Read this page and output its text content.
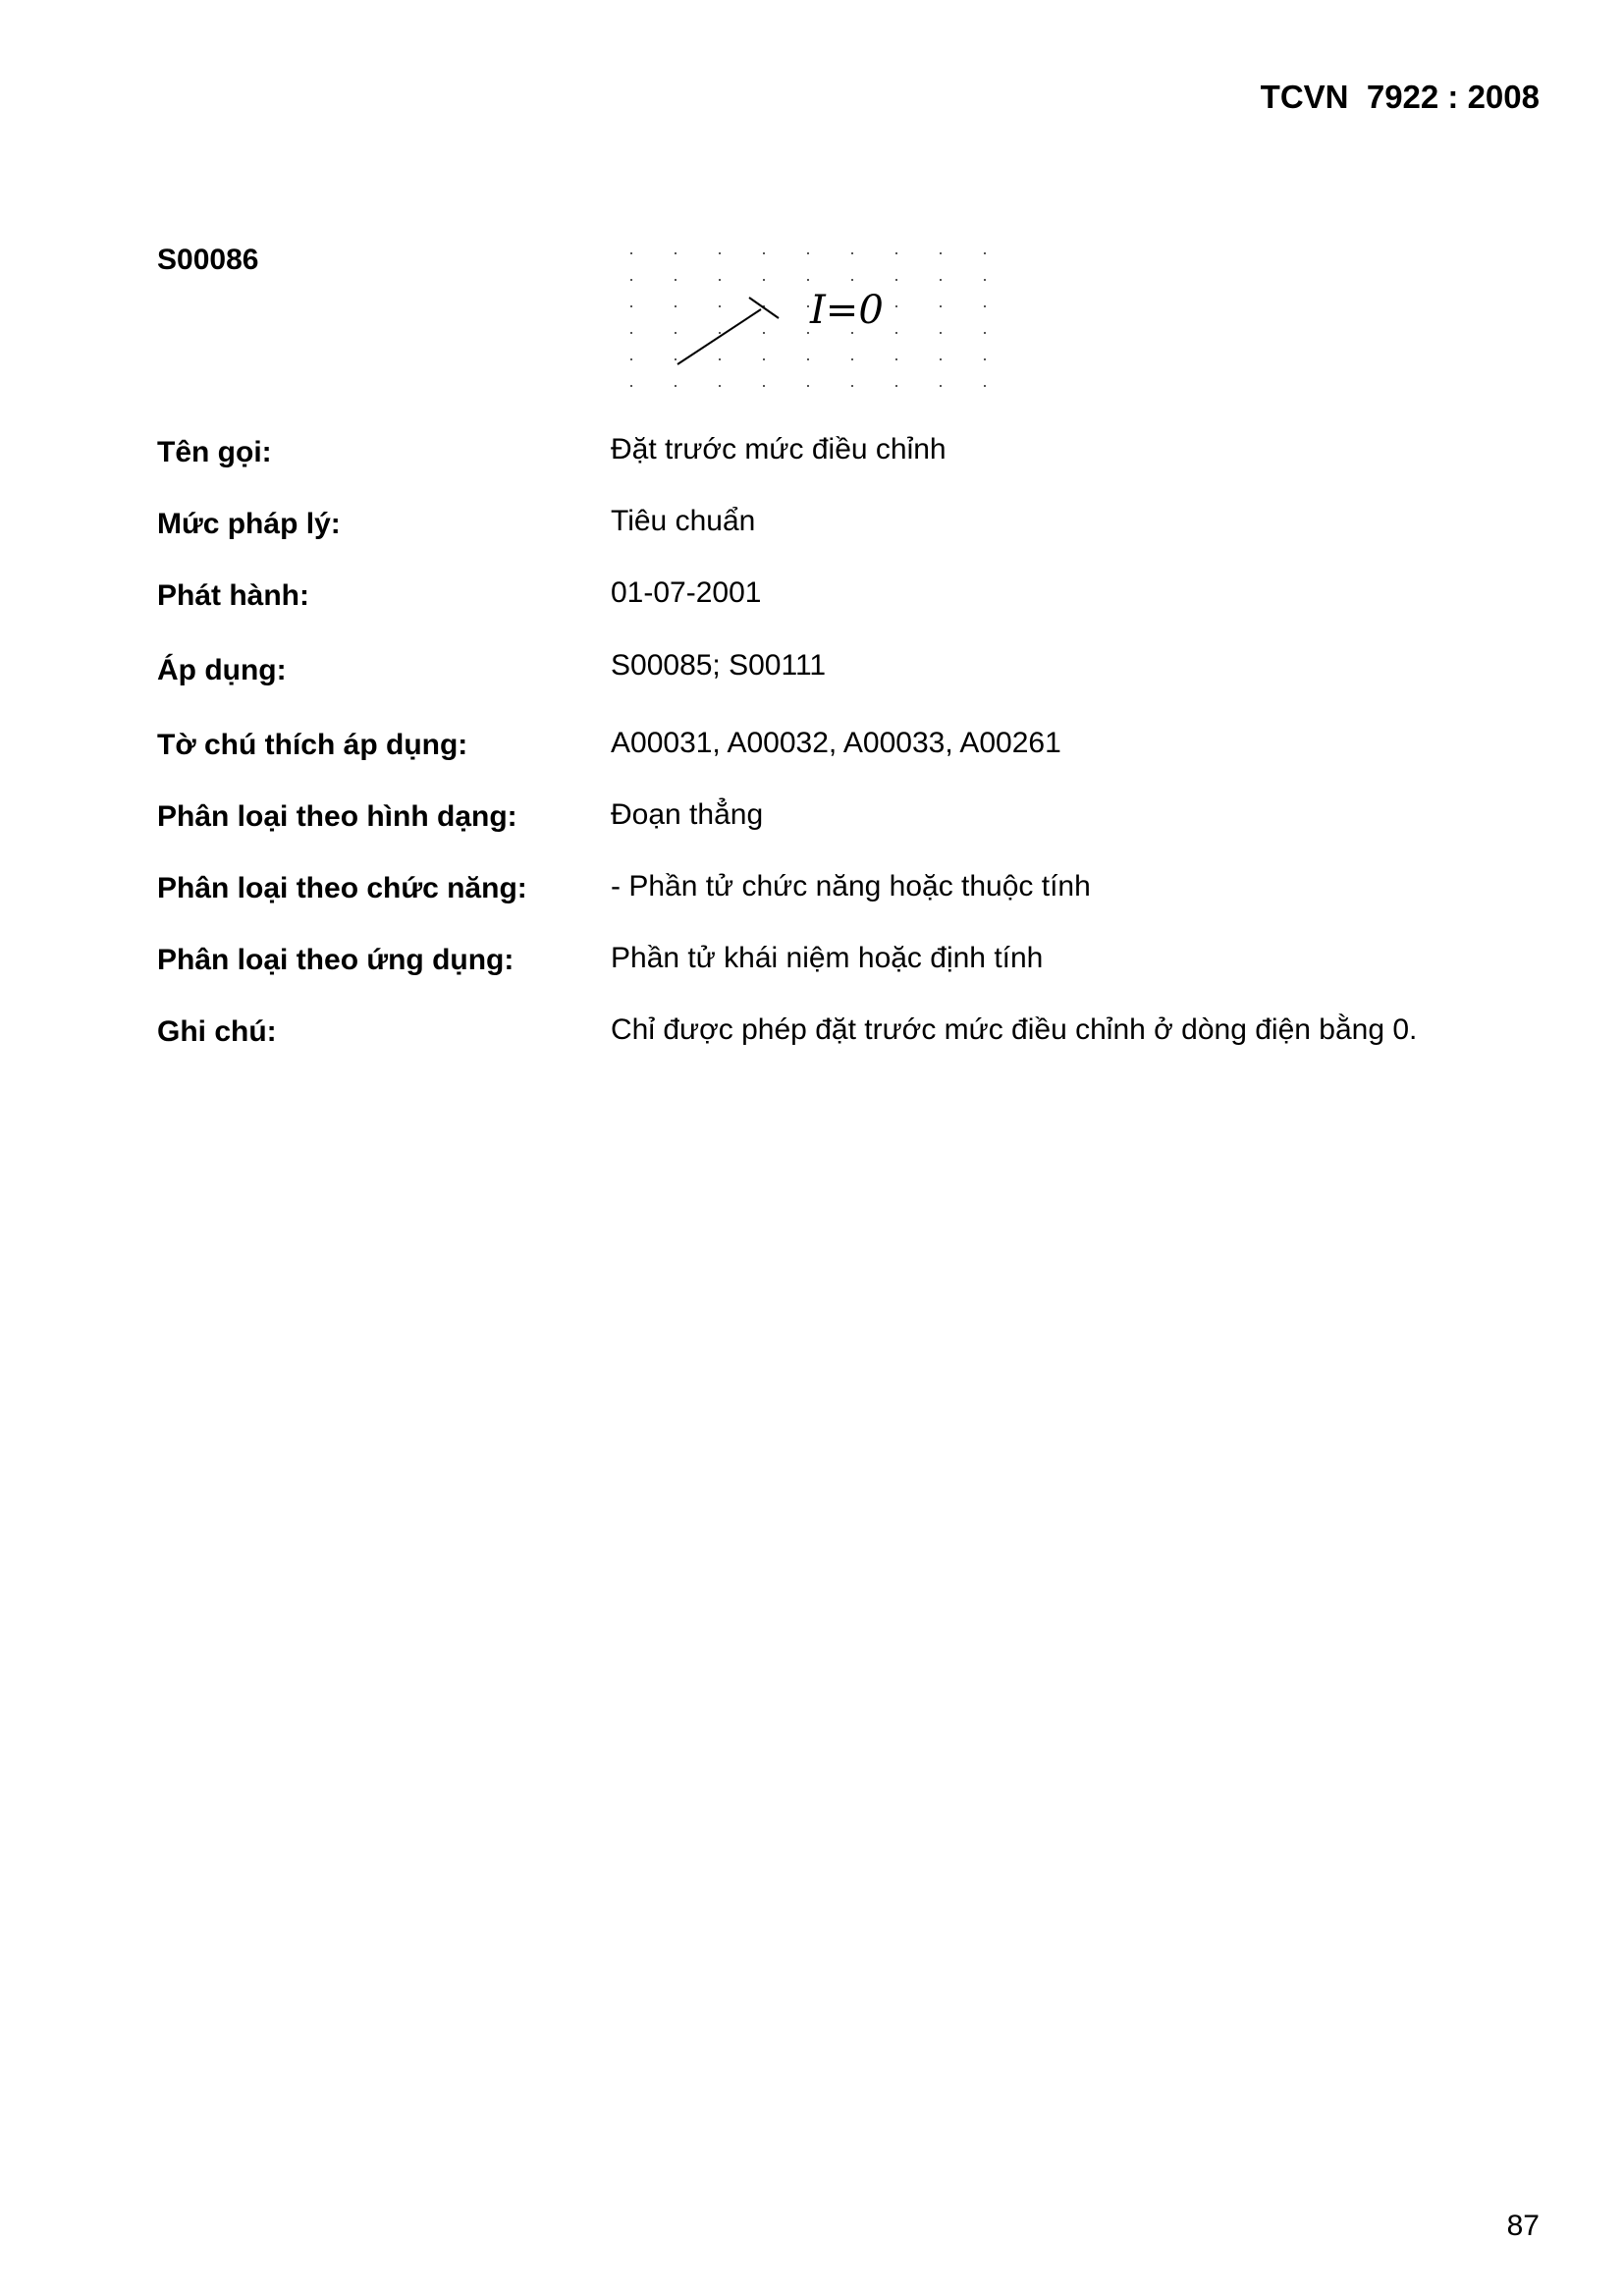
TCVN  7922 : 2008
S00086
I=0
Tên gọi:	Đặt trước mức điều chỉnh
Mức pháp lý:	Tiêu chuẩn
Phát hành:	01-07-2001
Áp dụng:	S00085; S00111
Tờ chú thích áp dụng:	A00031, A00032, A00033, A00261
Phân loại theo hình dạng:	Đoạn thẳng
Phân loại theo chức năng:	- Phần tử chức năng hoặc thuộc tính
Phân loại theo ứng dụng:	Phần tử khái niệm hoặc định tính
Ghi chú:	Chỉ được phép đặt trước mức điều chỉnh ở dòng điện bằng 0.
87
